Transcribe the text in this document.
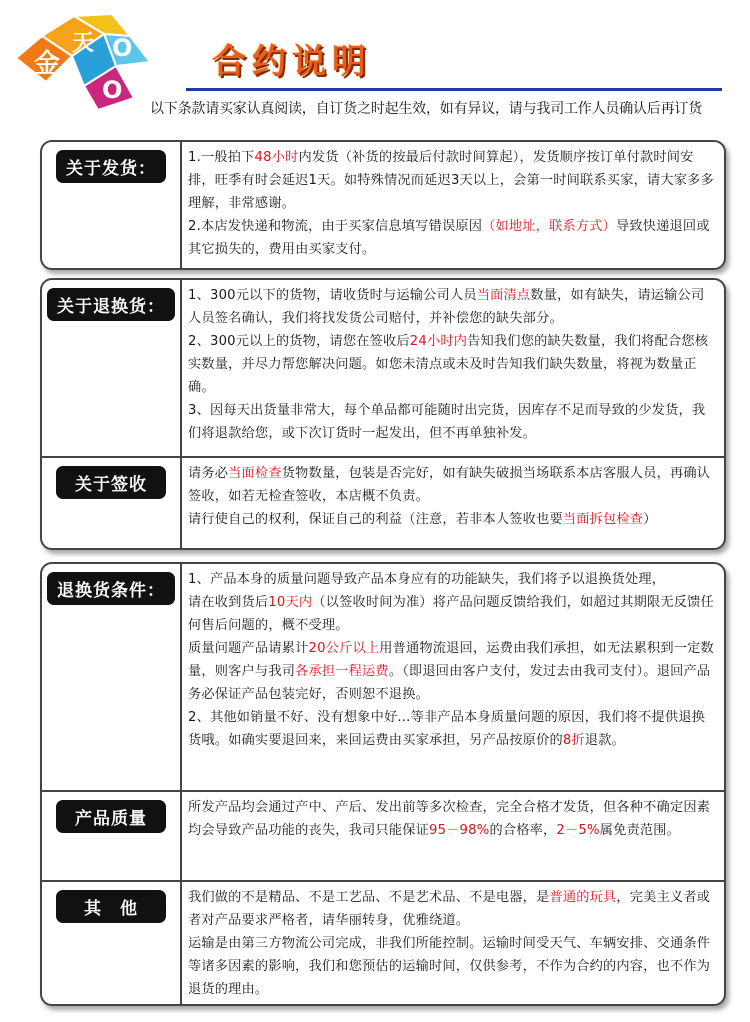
金
天 O
O
合约说明
以下条款请买家认真阅读，自订货之时起生效，如有异议，请与我司工作人员确认后再订货
关于发货：

1.一般拍下48小时内发货（补货的按最后付款时间算起），发货顺序按订单付款时间安排，旺季有时会延迟1天。如特殊情况而延迟3天以上，会第一时间联系买家，请大家多多理解，非常感谢。

2.本店发快递和物流，由于买家信息填写错误原因（如地址，联系方式）导致快递退回或其它损失的，费用由买家支付。

关于退换货：

1、300元以下的货物，请收货时与运输公司人员当面清点数量，如有缺失，请运输公司人员签名确认，我们将找发货公司赔付，并补偿您的缺失部分。

2、300元以上的货物，请您在签收后24小时内告知我们您的缺失数量，我们将配合您核实数量，并尽力帮您解决问题。如您未清点或未及时告知我们缺失数量，将视为数量正确。

3、因每天出货量非常大，每个单品都可能随时出完货，因库存不足而导致的少发货，我们将退款给您，或下次订货时一起发出，但不再单独补发。

关于签收

请务必当面检查货物数量，包装是否完好，如有缺失破损当场联系本店客服人员，再确认签收，如若无检查签收，本店概不负责。

请行使自己的权利，保证自己的利益（注意，若非本人签收也要当面拆包检查）

退换货条件：

1、产品本身的质量问题导致产品本身应有的功能缺失，我们将予以退换货处理，

请在收到货后10天内（以签收时间为准）将产品问题反馈给我们，如超过其期限无反馈任何售后问题的，概不受理。

质量问题产品请累计20公斤以上用普通物流退回，运费由我们承担，如无法累积到一定数量，则客户与我司各承担一程运费。（即退回由客户支付，发过去由我司支付）。退回产品务必保证产品包装完好，否则恕不退换。

2、其他如销量不好、没有想象中好...等非产品本身质量问题的原因，我们将不提供退换货哦。如确实要退回来，来回运费由买家承担，另产品按原价的8折退款。

产品质量

所发产品均会通过产中、产后、发出前等多次检查，完全合格才发货，但各种不确定因素均会导致产品功能的丧失，我司只能保证95－98%的合格率，2－5%属免责范围。

其　他

我们做的不是精品、不是工艺品、不是艺术品、不是电器，是普通的玩具，完美主义者或者对产品要求严格者，请华丽转身，优雅绕道。

运输是由第三方物流公司完成，非我们所能控制。运输时间受天气、车辆安排、交通条件等诸多因素的影响，我们和您预估的运输时间，仅供参考，不作为合约的内容，也不作为退货的理由。
